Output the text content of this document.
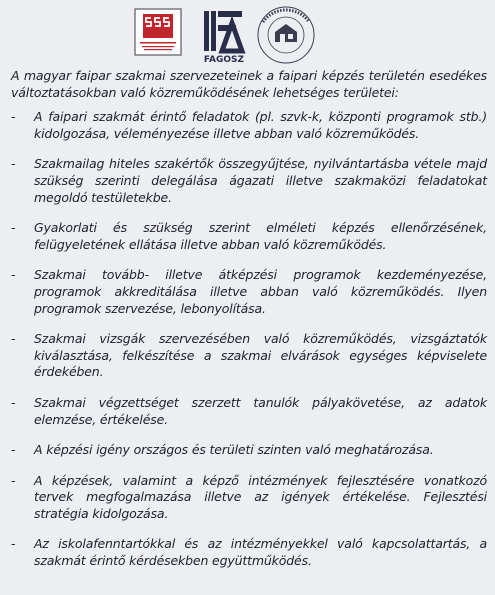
FAGOSZ

A magyar faipar szakmai szervezeteinek a faipari képzés területén esedékes változtatásokban való közreműködésének lehetséges területei:

- A faipari szakmát érintő feladatok (pl. szvk-k, központi programok stb.) kidolgozása, véleményezése illetve abban való közreműködés.

- Szakmailag hiteles szakértők összegyűjtése, nyilvántartásba vétele majd szükség szerinti delegálása ágazati illetve szakmaközi feladatokat megoldó testületekbe.

- Gyakorlati és szükség szerint elméleti képzés ellenőrzésének, felügyeletének ellátása illetve abban való közreműködés.

- Szakmai tovább- illetve átképzési programok kezdeményezése, programok akkreditálása illetve abban való közreműködés. Ilyen programok szervezése, lebonyolítása.

- Szakmai vizsgák szervezésében való közreműködés, vizsgáztatók kiválasztása, felkészítése a szakmai elvárások egységes képviselete érdekében.

- Szakmai végzettséget szerzett tanulók pályakövetése, az adatok elemzése, értékelése.

- A képzési igény országos és területi szinten való meghatározása.

- A képzések, valamint a képző intézmények fejlesztésére vonatkozó tervek megfogalmazása illetve az igények értékelése. Fejlesztési stratégia kidolgozása.

- Az iskolafenntartókkal és az intézményekkel való kapcsolattartás, a szakmát érintő kérdésekben együttműködés.
